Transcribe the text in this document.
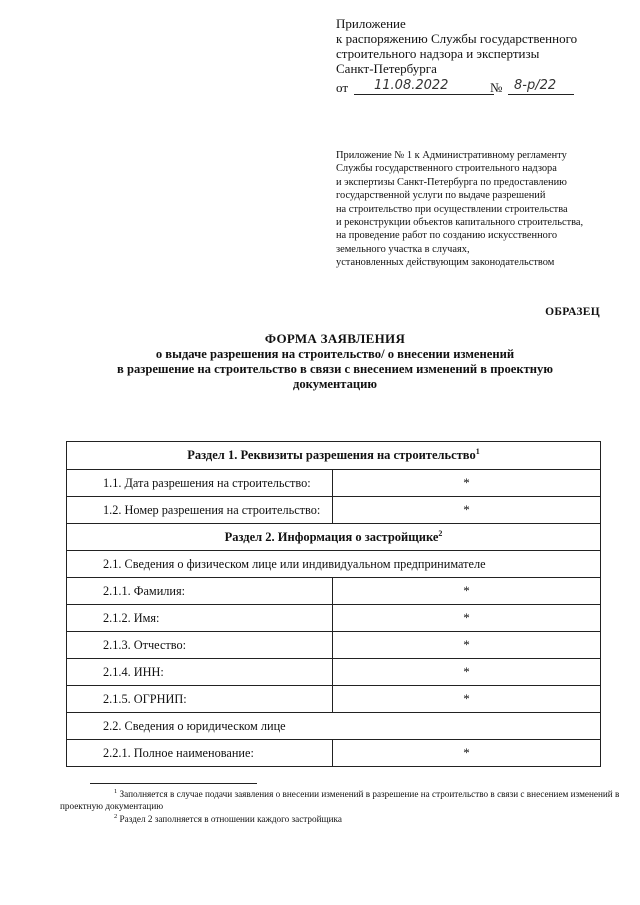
Приложение
к распоряжению Службы государственного
строительного надзора и экспертизы
Санкт-Петербурга
от 11.08.2022	№ 8-р/22
Приложение № 1 к Административному регламенту
Службы государственного строительного надзора
и экспертизы Санкт-Петербурга по предоставлению
государственной услуги по выдаче разрешений
на строительство при осуществлении строительства
и реконструкции объектов капитального строительства,
на проведение работ по созданию искусственного
земельного участка в случаях,
установленных действующим законодательством
ОБРАЗЕЦ
ФОРМА ЗАЯВЛЕНИЯ
о выдаче разрешения на строительство/ о внесении изменений
в разрешение на строительство в связи с внесением изменений в проектную
документацию
Раздел 1. Реквизиты разрешения на строительство$^1$
1.1. Дата разрешения на строительство:	*
1.2. Номер разрешения на строительство:	*
Раздел 2. Информация о застройщике$^2$
2.1. Сведения о физическом лице или индивидуальном предпринимателе	
2.1.1. Фамилия:	*
2.1.2. Имя:	*
2.1.3. Отчество:	*
2.1.4. ИНН:	*
2.1.5. ОГРНИП:	*
2.2. Сведения о юридическом лице	
2.2.1. Полное наименование:	*

$^1$ Заполняется в случае подачи заявления о внесении изменений в разрешение на строительство в связи с внесением изменений в проектную документацию

$^2$ Раздел 2 заполняется в отношении каждого застройщика
